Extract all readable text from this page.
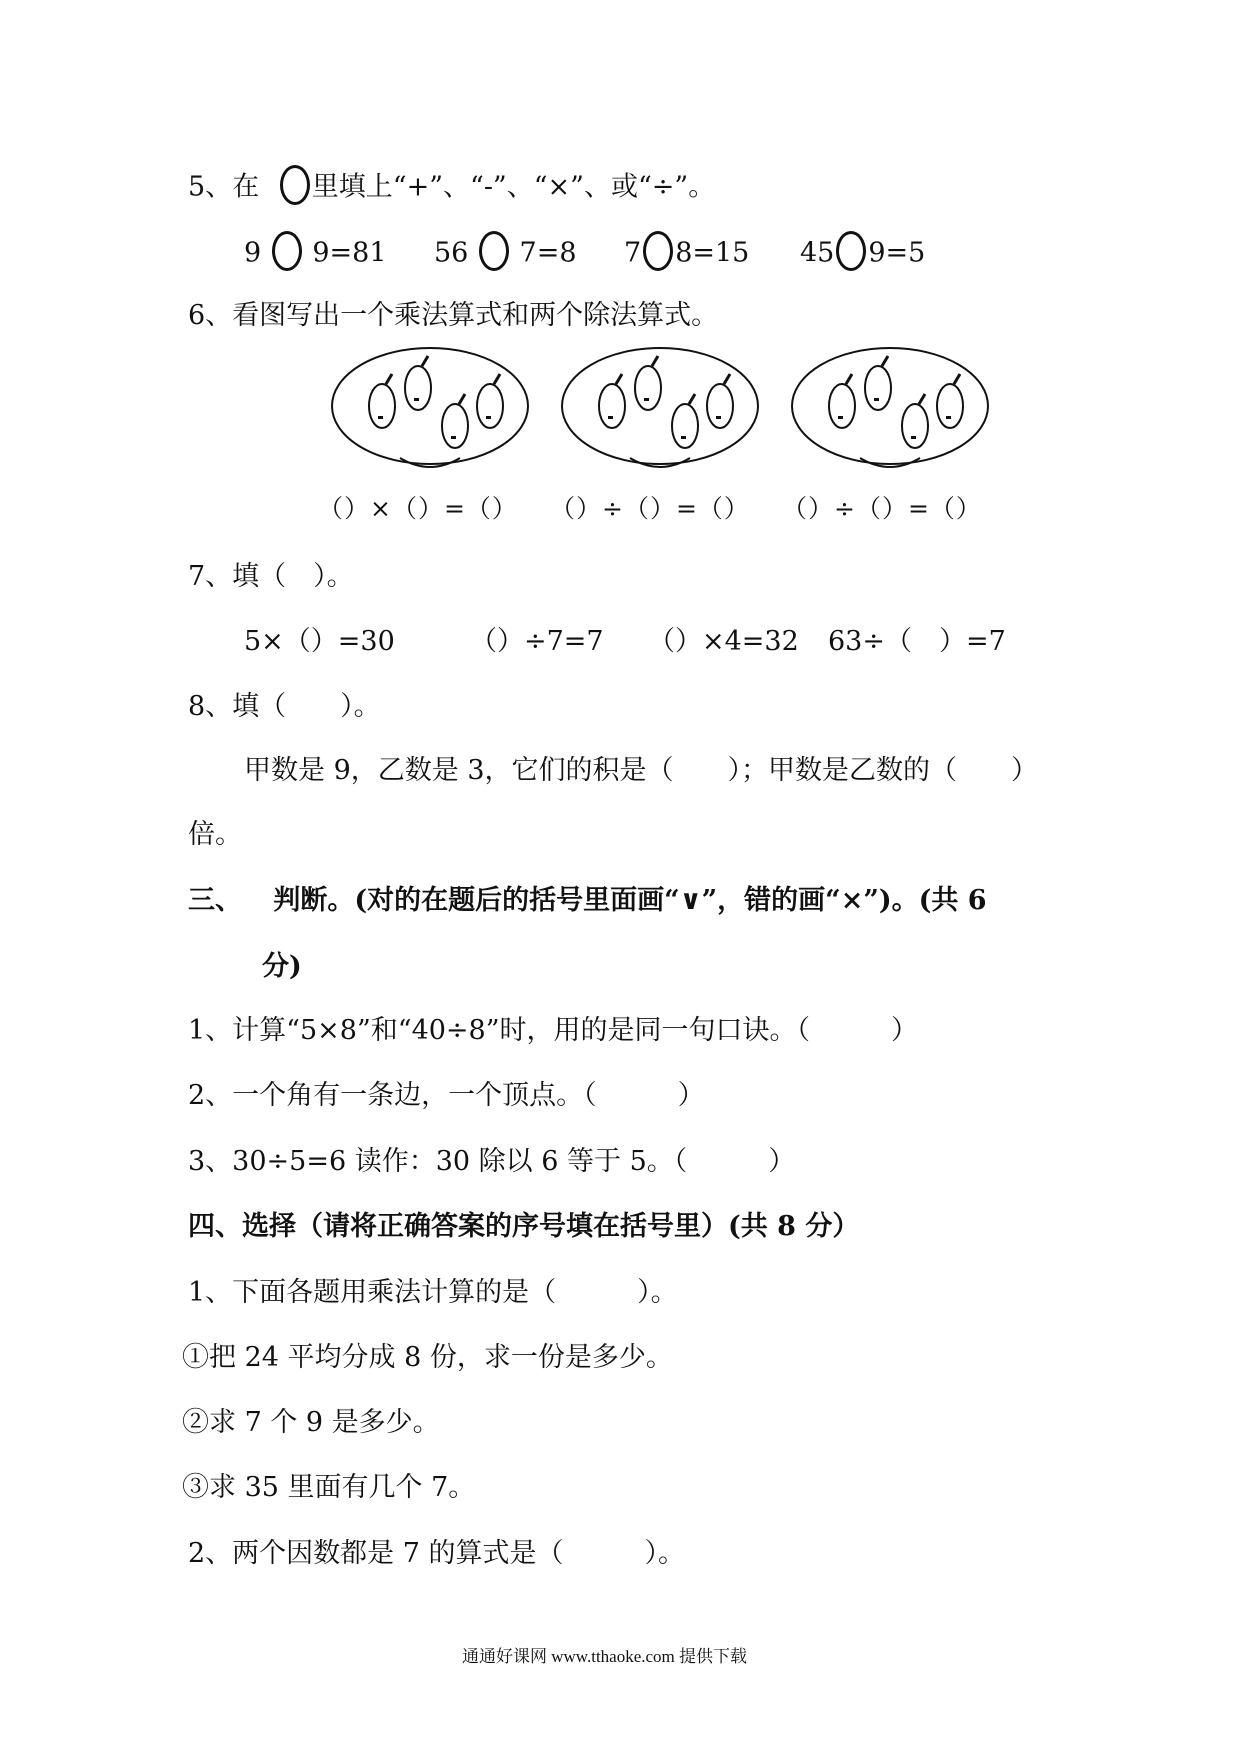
5、在 里填上“+”、“-”、“×”、或“÷”。
9 9=81 56 7=8 7 8=15 45 9=5
6、看图写出一个乘法算式和两个除法算式。
（）×（）=（） （）÷（）=（） （）÷（）=（）
7、填（　）。
5×（）=30	（）÷7=7 （）×4=32 63÷（　）=7
8、填（　　）。
甲数是 9，乙数是 3，它们的积是（　　）；甲数是乙数的（　　）
倍。
三、 判断。(对的在题后的括号里面画“∨”，错的画“×”)。(共 6
分)
1、计算“5×8”和“40÷8”时，用的是同一句口诀。（　　　）
2、一个角有一条边，一个顶点。（　　　）
3、30÷5=6 读作：30 除以 6 等于 5。（　　　）
四、选择（请将正确答案的序号填在括号里）(共 8 分）
1、下面各题用乘法计算的是（　　　）。
①把 24 平均分成 8 份，求一份是多少。
②求 7 个 9 是多少。
③求 35 里面有几个 7。
2、两个因数都是 7 的算式是（　　　）。
通通好课网 www.tthaoke.com 提供下载
